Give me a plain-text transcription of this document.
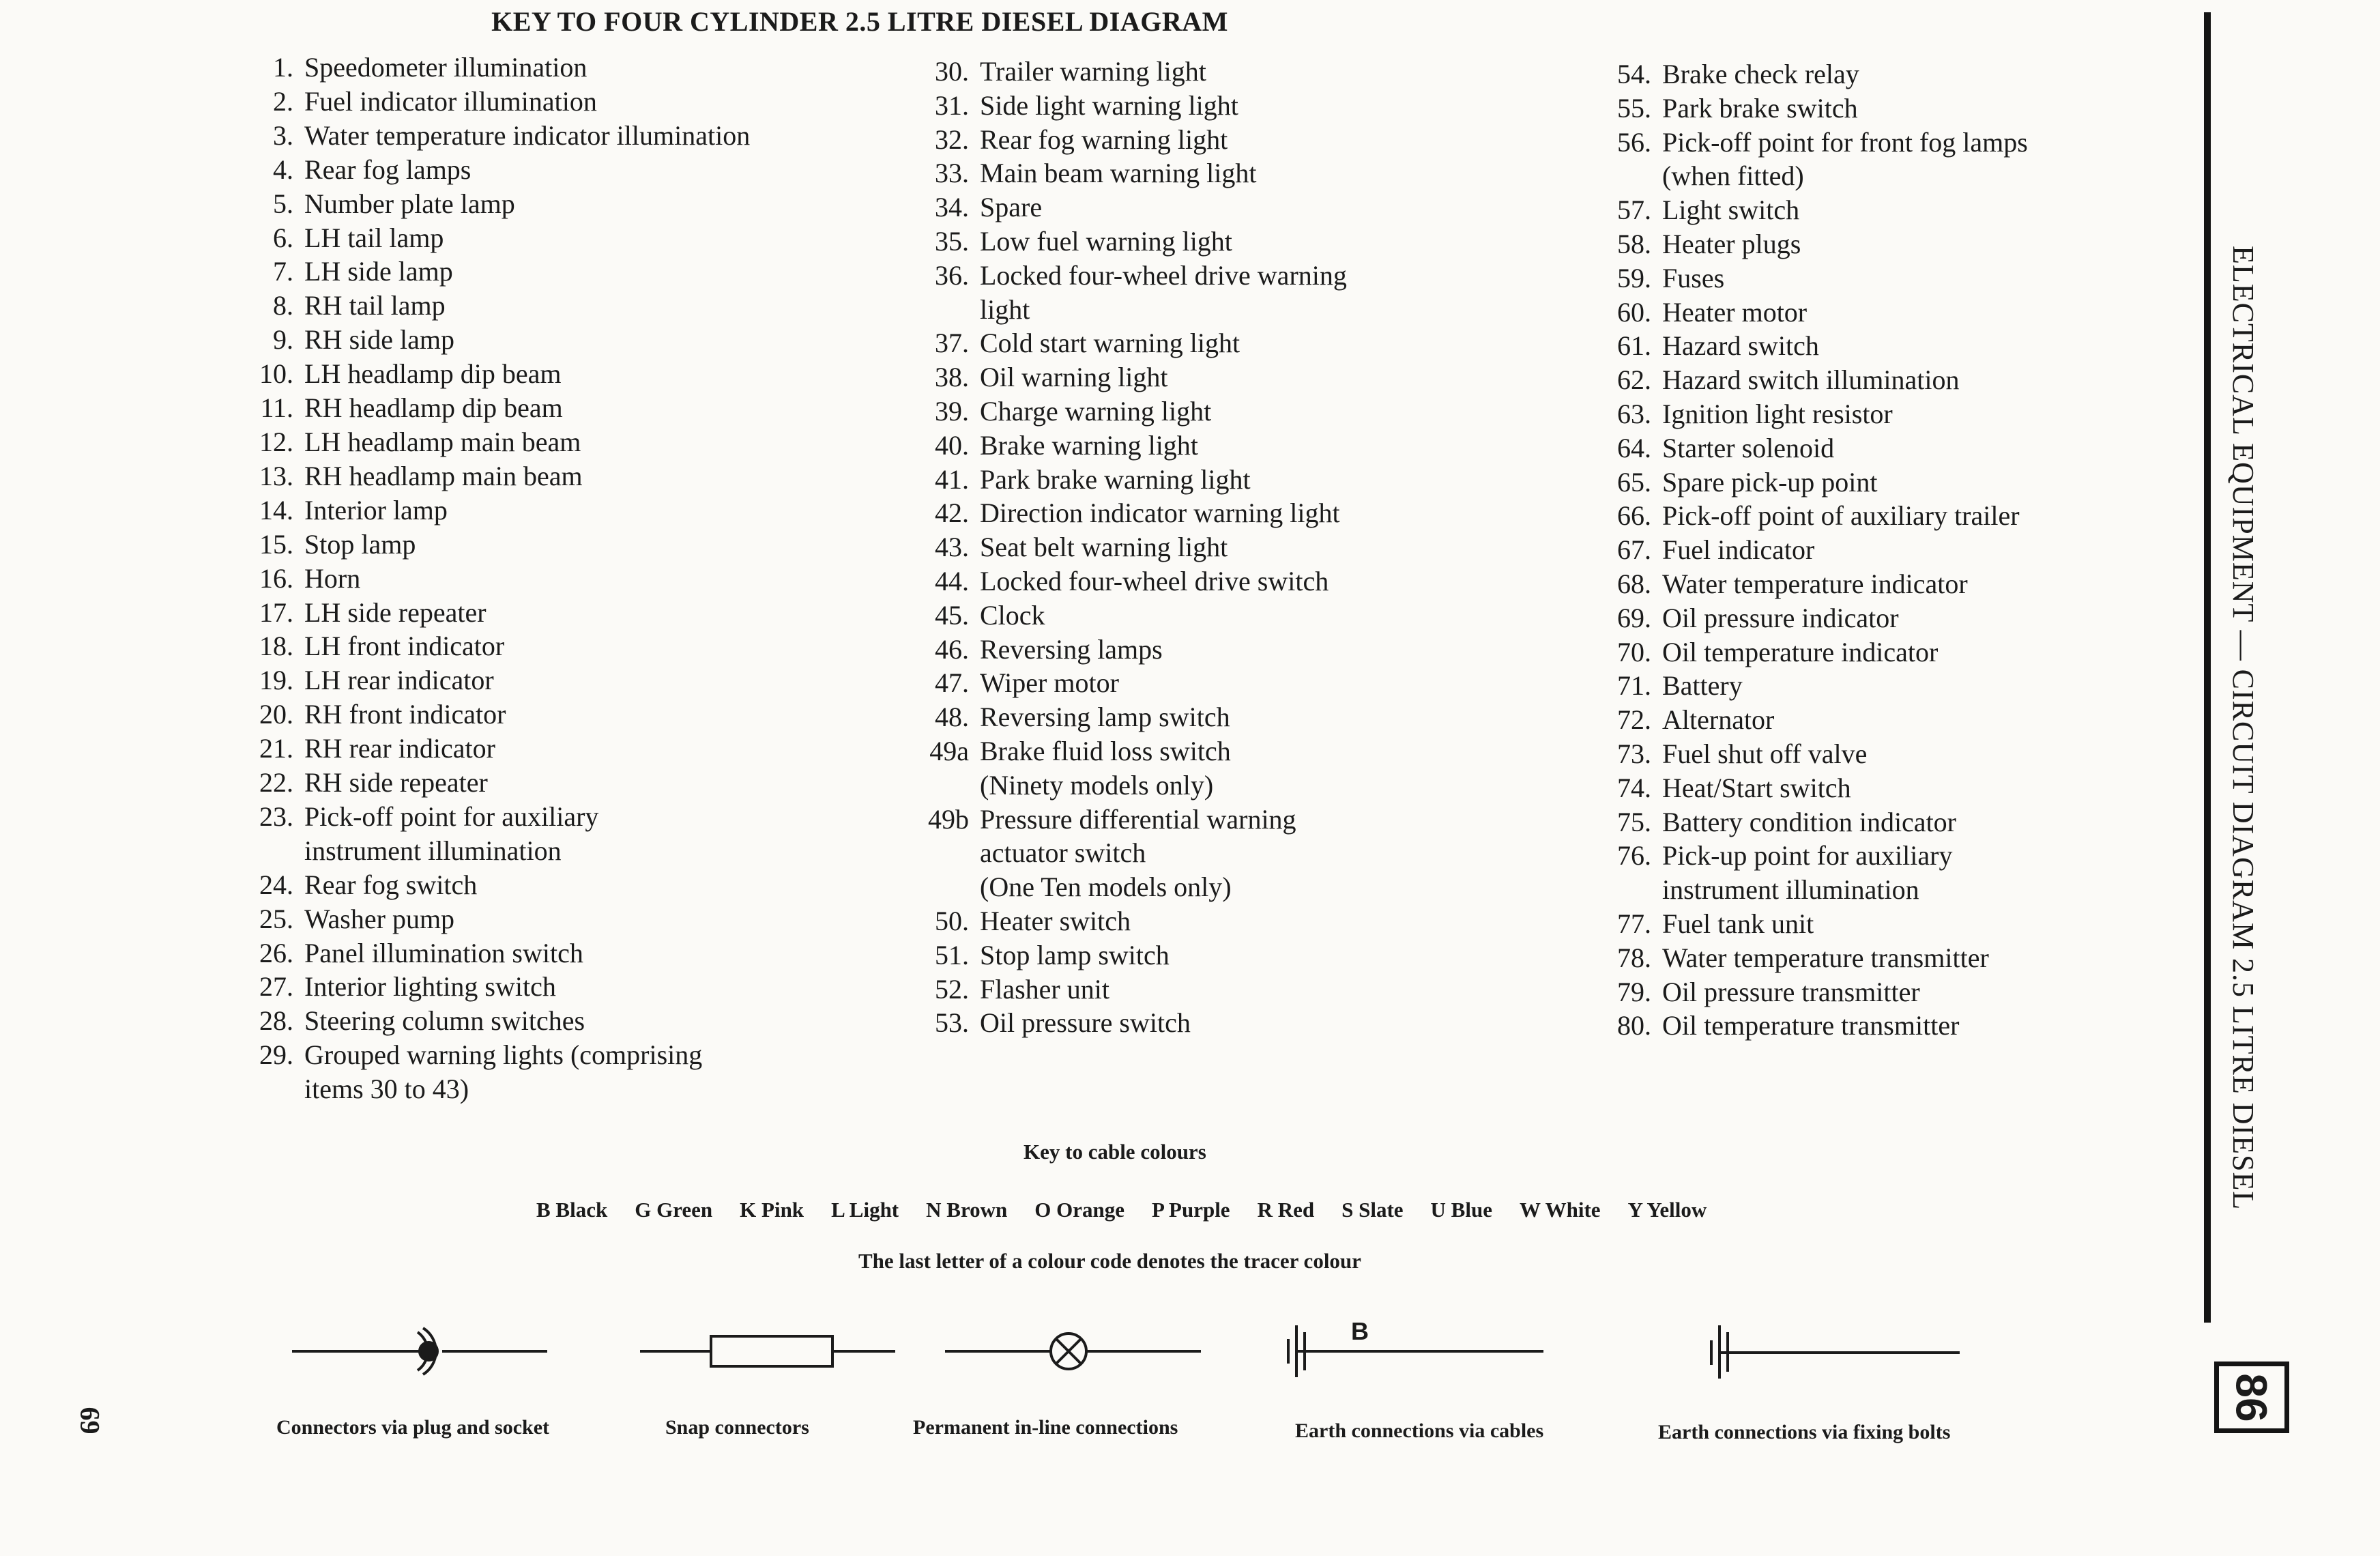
KEY TO FOUR CYLINDER 2.5 LITRE DIESEL DIAGRAM
1. Speedometer illumination
2. Fuel indicator illumination
3. Water temperature indicator illumination
4. Rear fog lamps
5. Number plate lamp
6. LH tail lamp
7. LH side lamp
8. RH tail lamp
9. RH side lamp
10. LH headlamp dip beam
11. RH headlamp dip beam
12. LH headlamp main beam
13. RH headlamp main beam
14. Interior lamp
15. Stop lamp
16. Horn
17. LH side repeater
18. LH front indicator
19. LH rear indicator
20. RH front indicator
21. RH rear indicator
22. RH side repeater
23. Pick-off point for auxiliary
instrument illumination
24. Rear fog switch
25. Washer pump
26. Panel illumination switch
27. Interior lighting switch
28. Steering column switches
29. Grouped warning lights (comprising
items 30 to 43)
30. Trailer warning light
31. Side light warning light
32. Rear fog warning light
33. Main beam warning light
34. Spare
35. Low fuel warning light
36. Locked four-wheel drive warning
light
37. Cold start warning light
38. Oil warning light
39. Charge warning light
40. Brake warning light
41. Park brake warning light
42. Direction indicator warning light
43. Seat belt warning light
44. Locked four-wheel drive switch
45. Clock
46. Reversing lamps
47. Wiper motor
48. Reversing lamp switch
49a Brake fluid loss switch
(Ninety models only)
49b Pressure differential warning
actuator switch
(One Ten models only)
50. Heater switch
51. Stop lamp switch
52. Flasher unit
53. Oil pressure switch
54. Brake check relay
55. Park brake switch
56. Pick-off point for front fog lamps
(when fitted)
57. Light switch
58. Heater plugs
59. Fuses
60. Heater motor
61. Hazard switch
62. Hazard switch illumination
63. Ignition light resistor
64. Starter solenoid
65. Spare pick-up point
66. Pick-off point of auxiliary trailer
67. Fuel indicator
68. Water temperature indicator
69. Oil pressure indicator
70. Oil temperature indicator
71. Battery
72. Alternator
73. Fuel shut off valve
74. Heat/Start switch
75. Battery condition indicator
76. Pick-up point for auxiliary
instrument illumination
77. Fuel tank unit
78. Water temperature transmitter
79. Oil pressure transmitter
80. Oil temperature transmitter
Key to cable colours
B Black G Green K Pink L Light N Brown O Orange P Purple R Red S Slate U Blue W White Y Yellow
The last letter of a colour code denotes the tracer colour
B
Connectors via plug and socket	Snap connectors	Permanent in-line connections	Earth connections via cables	Earth connections via fixing bolts
ELECTRICAL EQUIPMENT — CIRCUIT DIAGRAM 2.5 LITRE DIESEL
86
69
